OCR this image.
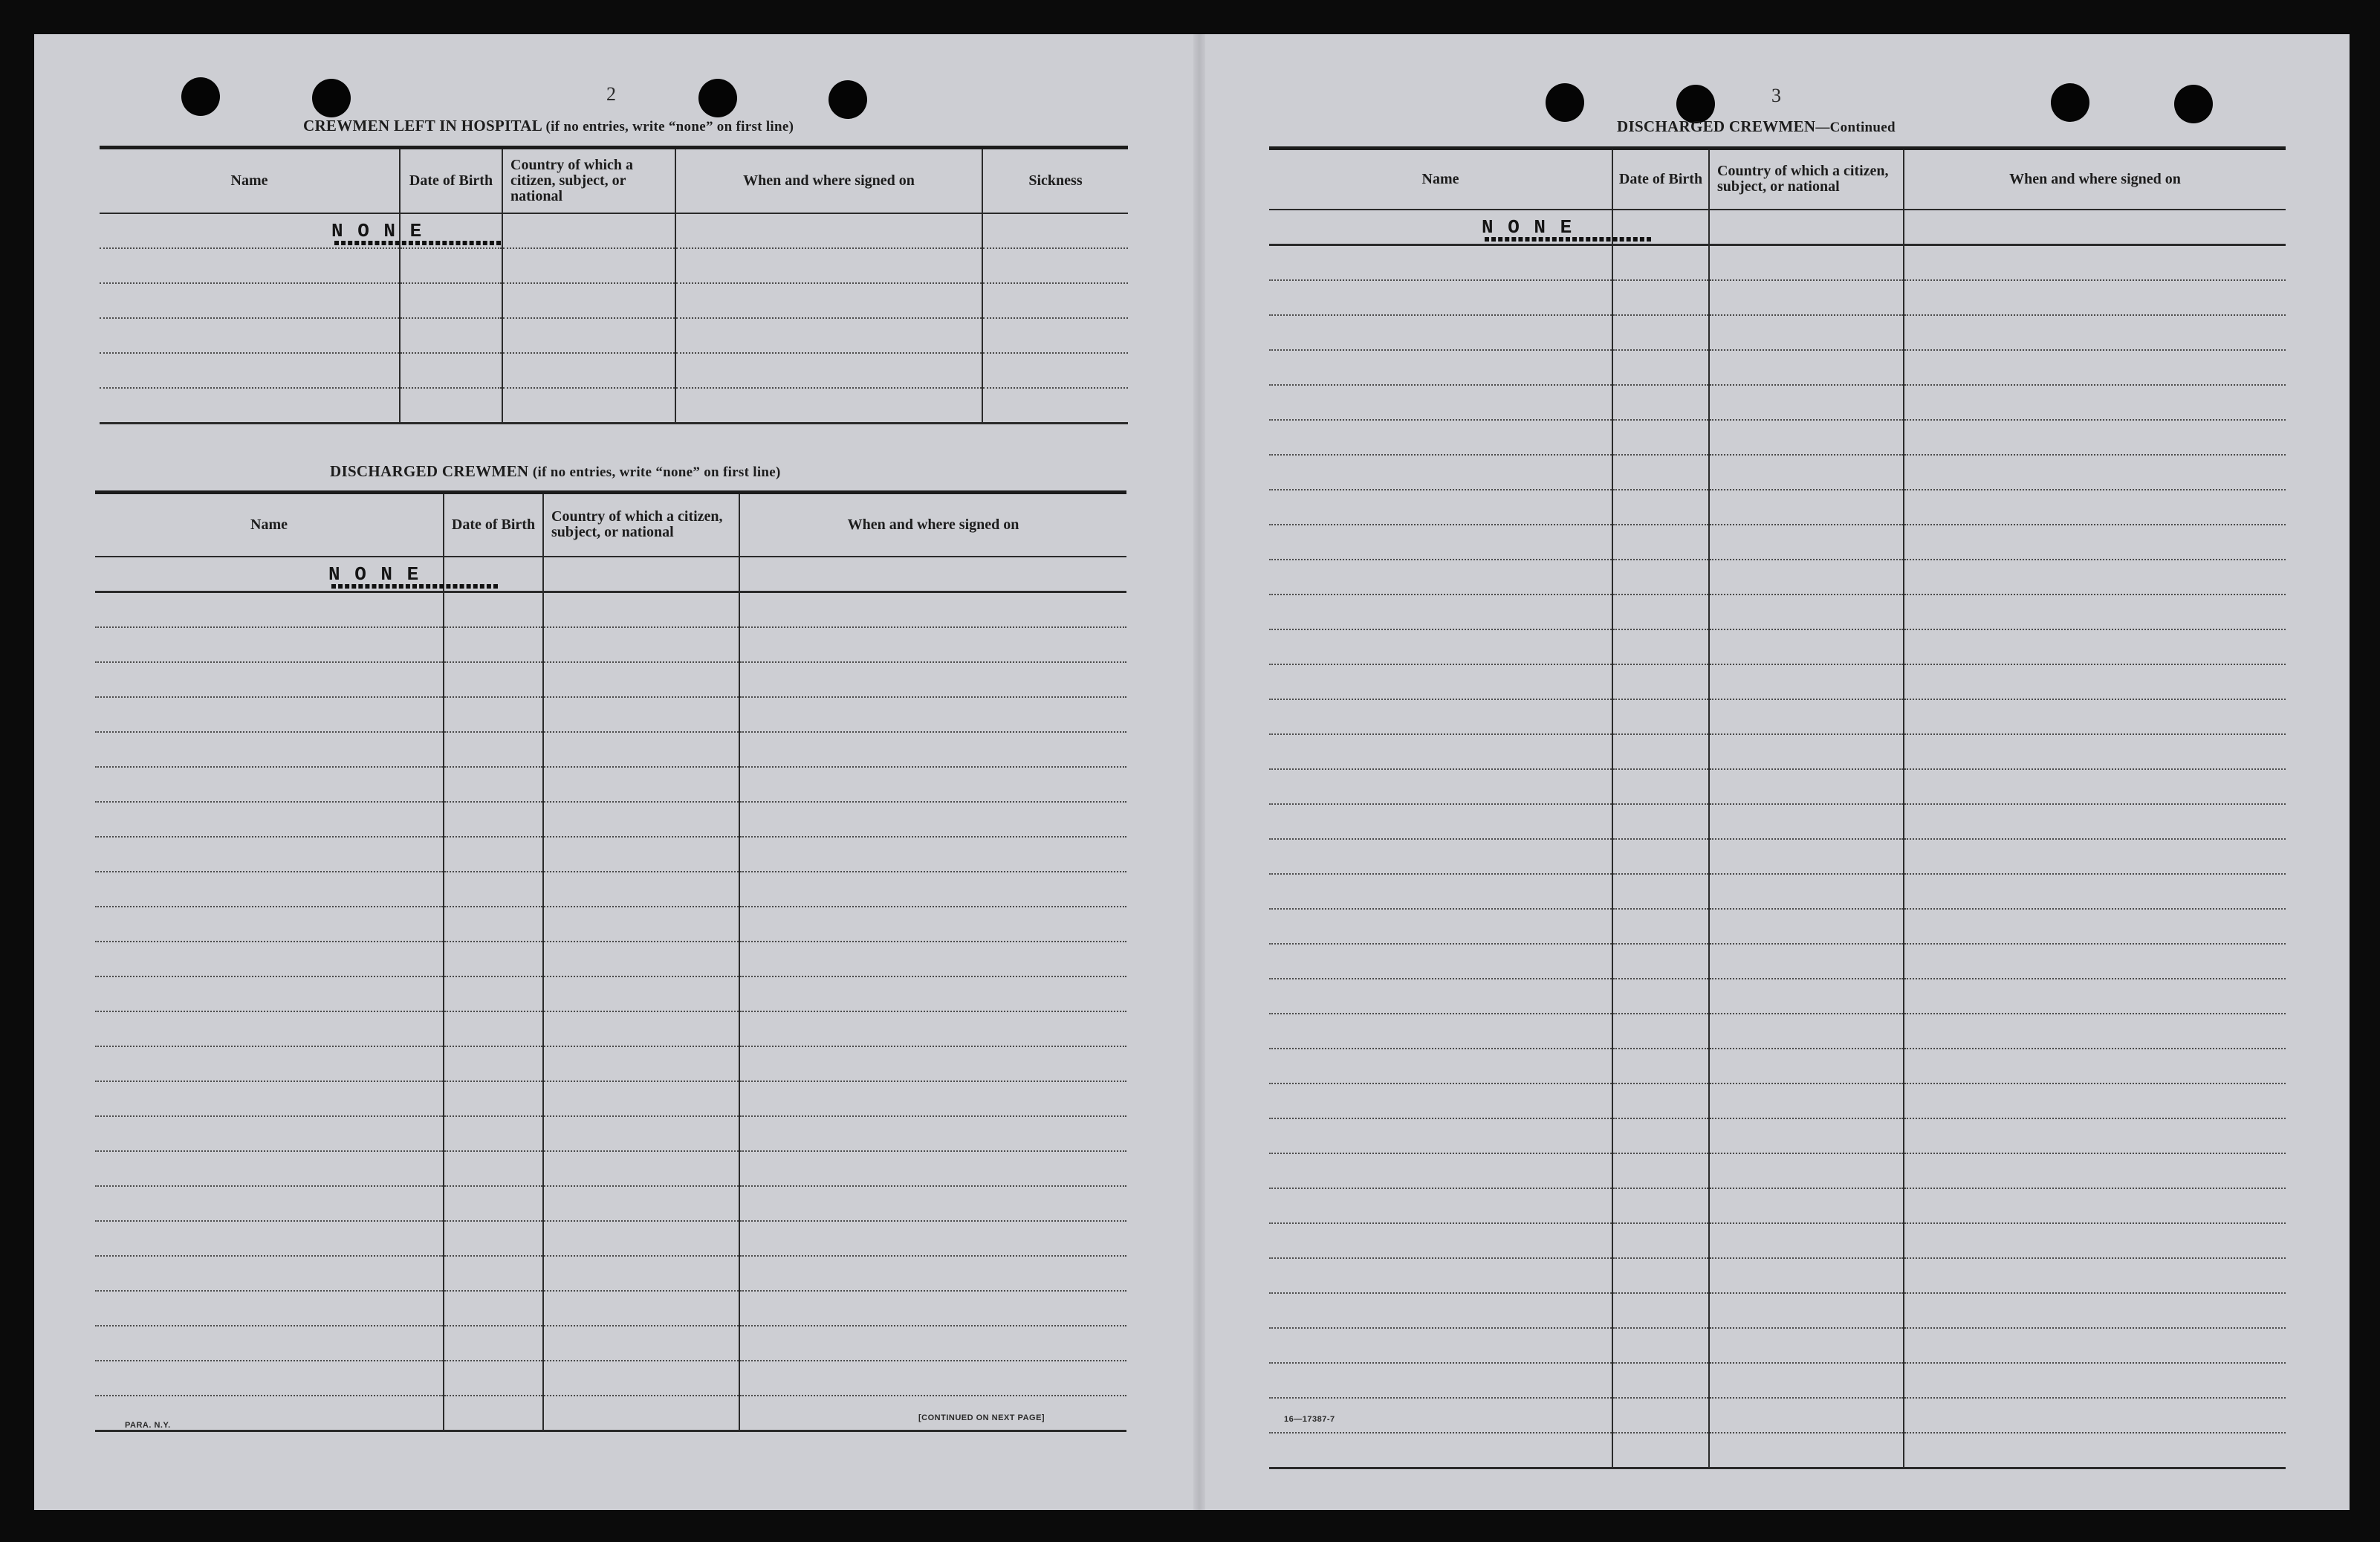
2
CREWMEN LEFT IN HOSPITAL (if no entries, write “none” on first line)
Name	Date of Birth	Country of which a citizen, subject, or national	When and where signed on	Sickness

N O N E				

DISCHARGED CREWMEN (if no entries, write “none” on first line)
Name	Date of Birth	Country of which a citizen, subject, or national	When and where signed on

N O N E			

PARA. N.Y.
[CONTINUED ON NEXT PAGE]
3
DISCHARGED CREWMEN—Continued
Name	Date of Birth	Country of which a citizen, subject, or national	When and where signed on

N O N E			

16—17387-7
